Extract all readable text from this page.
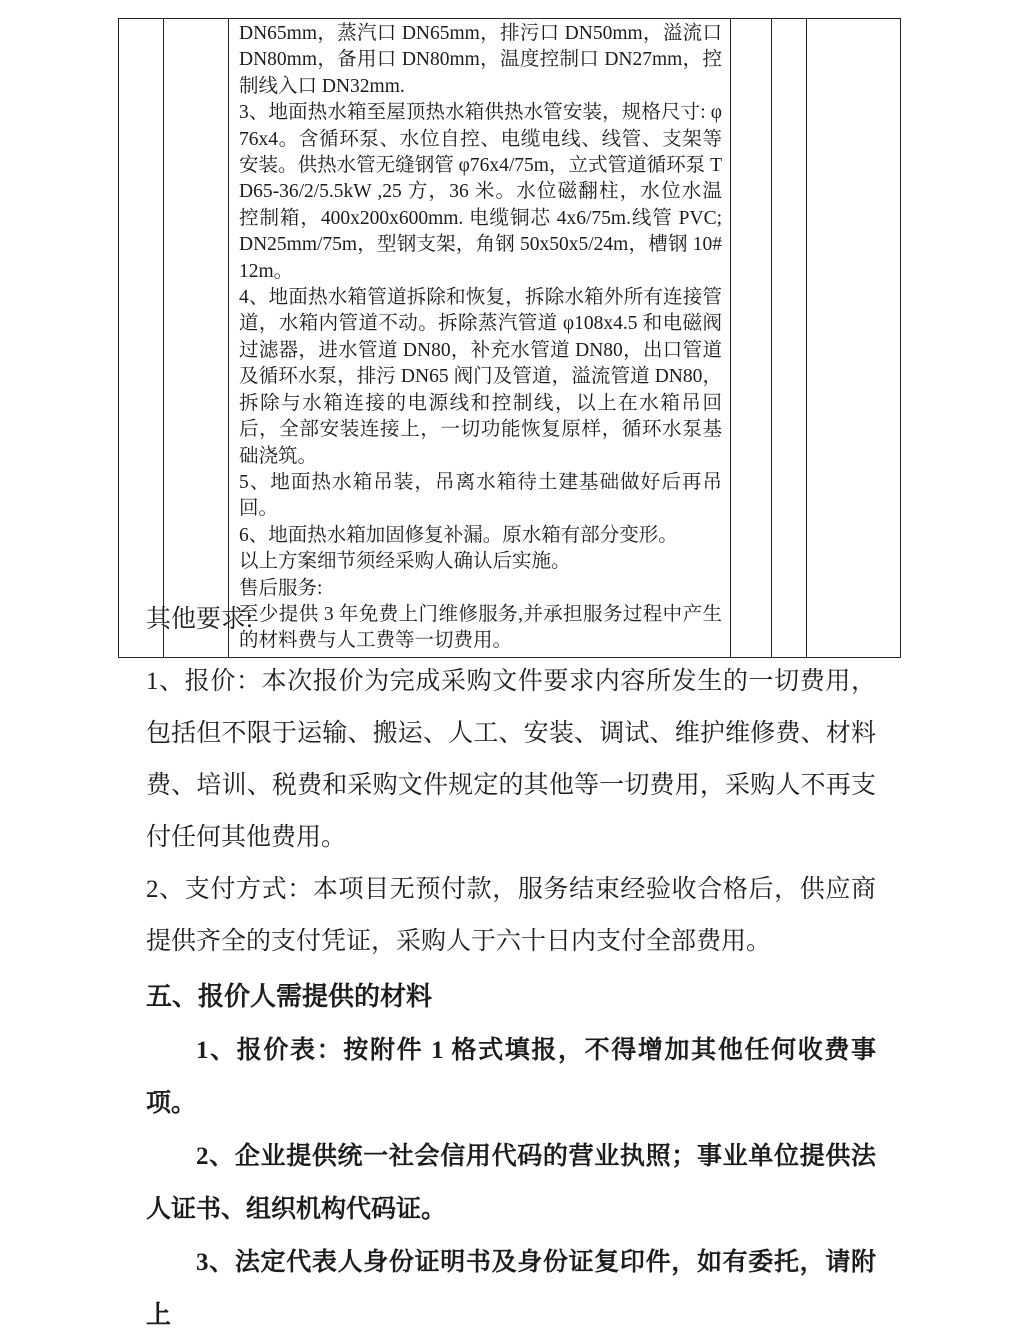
DN65mm，蒸汽口 DN65mm，排污口 DN50mm，溢流口 DN80mm，备用口 DN80mm，温度控制口 DN27mm，控制线入口 DN32mm.

3、地面热水箱至屋顶热水箱供热水管安装，规格尺寸: φ76x4。含循环泵、水位自控、电缆电线、线管、支架等安装。供热水管无缝钢管 φ76x4/75m，立式管道循环泵 TD65-36/2/5.5kW ,25 方，36 米。水位磁翻柱，水位水温控制箱，400x200x600mm. 电缆铜芯 4x6/75m.线管 PVC;DN25mm/75m，型钢支架，角钢 50x50x5/24m，槽钢 10#12m。

4、地面热水箱管道拆除和恢复，拆除水箱外所有连接管道，水箱内管道不动。拆除蒸汽管道 φ108x4.5 和电磁阀过滤器，进水管道 DN80，补充水管道 DN80，出口管道及循环水泵，排污 DN65 阀门及管道，溢流管道 DN80，拆除与水箱连接的电源线和控制线，以上在水箱吊回后，全部安装连接上，一切功能恢复原样，循环水泵基础浇筑。

5、地面热水箱吊装，吊离水箱待土建基础做好后再吊回。

6、地面热水箱加固修复补漏。原水箱有部分变形。

以上方案细节须经采购人确认后实施。

售后服务:

至少提供 3 年免费上门维修服务,并承担服务过程中产生的材料费与人工费等一切费用。

其他要求:

1、报价：本次报价为完成采购文件要求内容所发生的一切费用，包括但不限于运输、搬运、人工、安装、调试、维护维修费、材料费、培训、税费和采购文件规定的其他等一切费用，采购人不再支付任何其他费用。

2、支付方式：本项目无预付款，服务结束经验收合格后，供应商提供齐全的支付凭证，采购人于六十日内支付全部费用。

五、报价人需提供的材料

1、报价表：按附件 1 格式填报，不得增加其他任何收费事项。

2、企业提供统一社会信用代码的营业执照；事业单位提供法人证书、组织机构代码证。

3、法定代表人身份证明书及身份证复印件，如有委托，请附上
